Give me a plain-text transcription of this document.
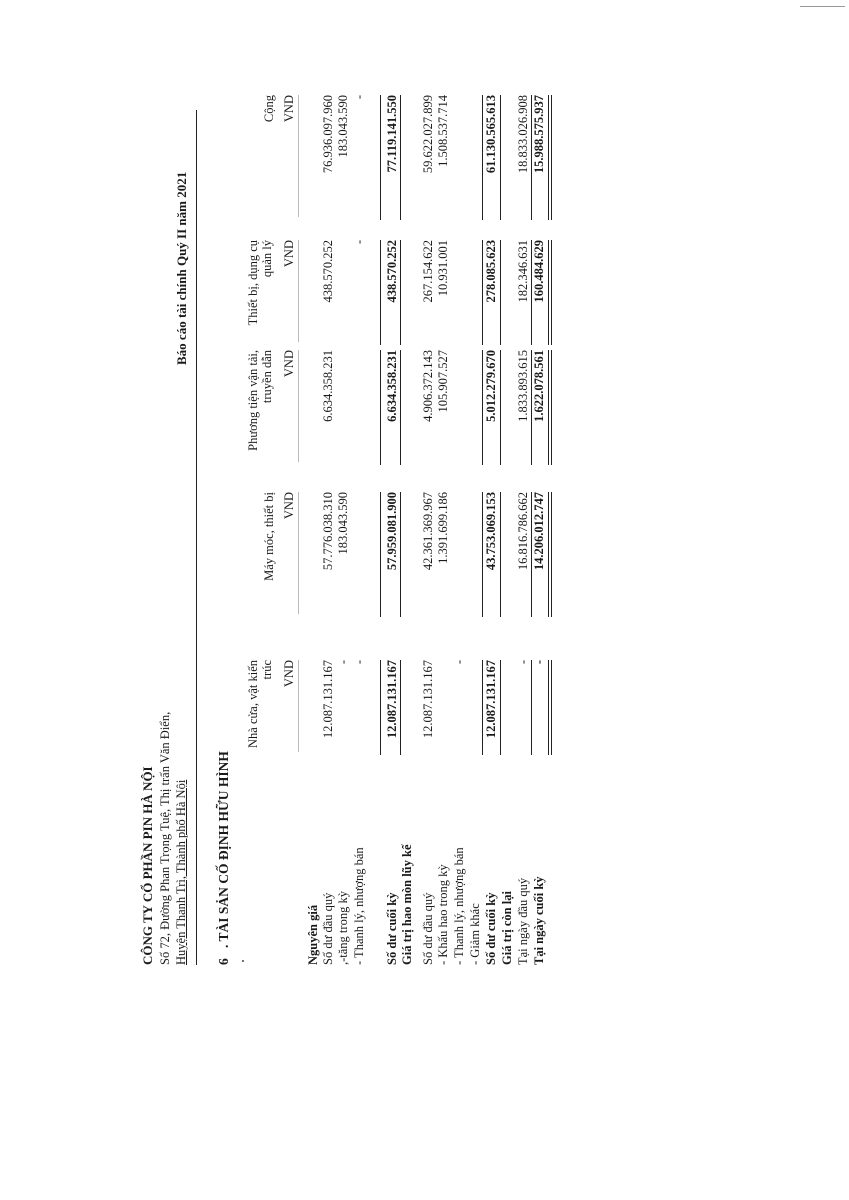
CÔNG TY CỔ PHẦN PIN HÀ NỘI Số 72, Đường Phan Trọng Tuệ, Thị trấn Văn Điển, Huyện Thanh Trì, Thành phố Hà Nội
Báo cáo tài chính Quý II năm 2021
6
. TÀI SẢN CỐ ĐỊNH HỮU HÌNH
Nhà cửa, vật kiến trúc VND
Máy móc, thiết bị VND
Phương tiện vận tải, truyền dẫn VND
Thiết bị, dụng cụ quản lý VND
Cộng VND
Nguyên giá Số dư đầu quý
12.087.131.167
57.776.038.310
6.634.358.231
438.570.252
76.936.097.960
,-tăng trong kỳ
-
183.043.590
183.043.590
- Thanh lý, nhượng bán
-
-
-
Số dư cuối kỳ
12.087.131.167
57.959.081.900
6.634.358.231
438.570.252
77.119.141.550
Giá trị hao mòn lũy kế Số dư đầu quý
12.087.131.167
42.361.369.967
4.906.372.143
267.154.622
59.622.027.899
- Khấu hao trong kỳ
1.391.699.186
105.907.527
10.931.001
1.508.537.714
- Thanh lý, nhượng bán
-
- Giảm khác Số dư cuối kỳ
12.087.131.167
43.753.069.153
5.012.279.670
278.085.623
61.130.565.613
Giá trị còn lại Tại ngày đầu quý
-
16.816.786.662
1.833.893.615
182.346.631
18.833.026.908
Tại ngày cuối kỳ
-
14.206.012.747
1.622.078.561
160.484.629
15.988.575.937
